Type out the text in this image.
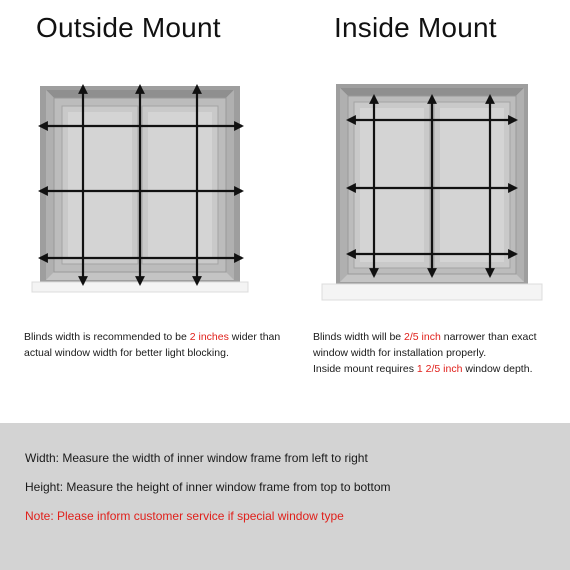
Outside Mount	Inside Mount
Blinds width is recommended to be 2 inches wider than actual window width for better light blocking.
Blinds width will be 2/5 inch narrower than exact window width for installation properly.
Inside mount requires 1 2/5 inch window depth.
Width: Measure the width of inner window frame from left to right
Height: Measure the height of inner window frame from top to bottom
Note: Please inform customer service if special window type
